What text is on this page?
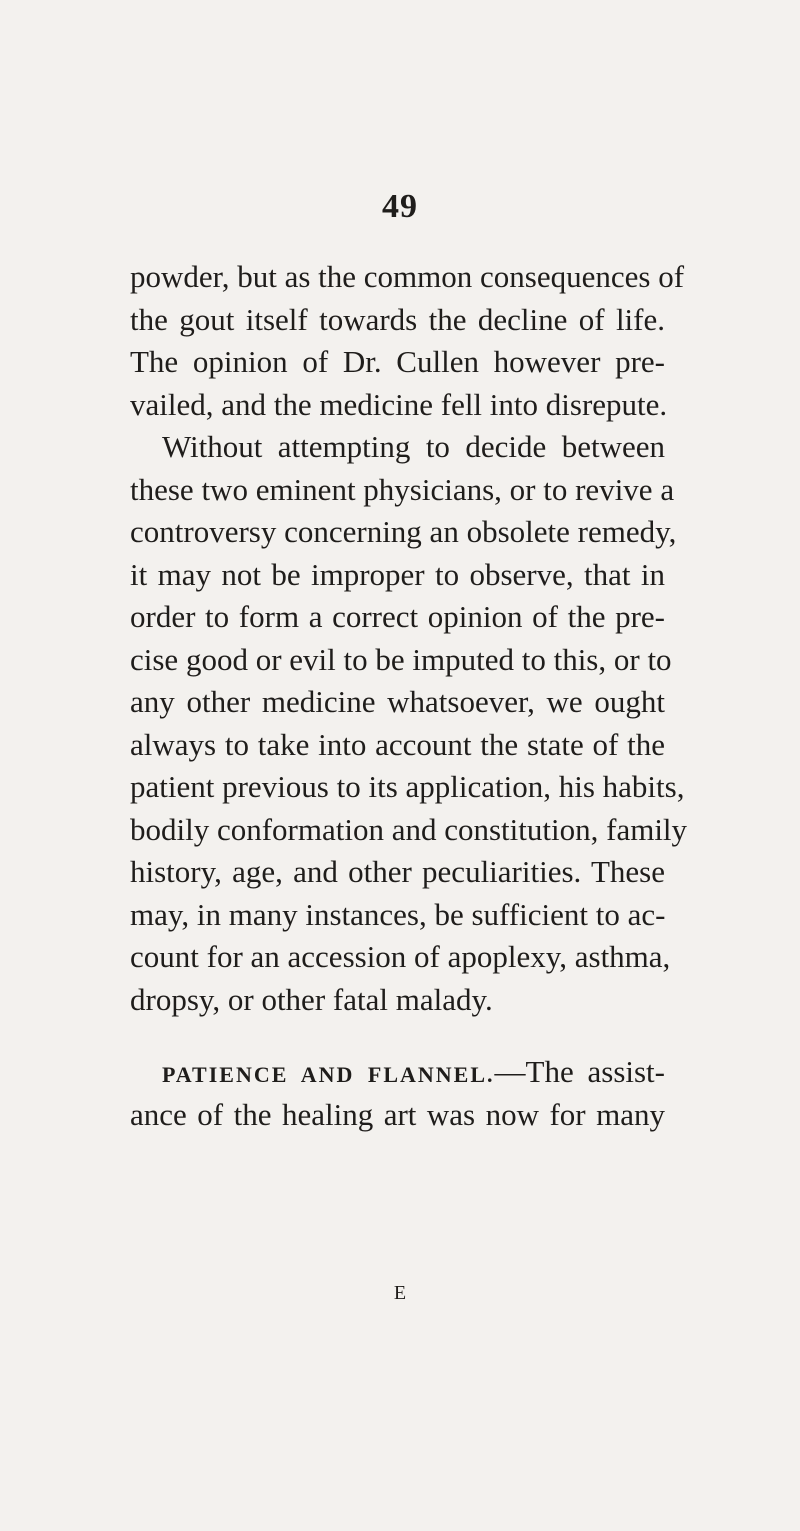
49
powder, but as the common consequences of
the gout itself towards the decline of life.
The opinion of Dr. Cullen however pre-
vailed, and the medicine fell into disrepute.
Without attempting to decide between
these two eminent physicians, or to revive a
controversy concerning an obsolete remedy,
it may not be improper to observe, that in
order to form a correct opinion of the pre-
cise good or evil to be imputed to this, or to
any other medicine whatsoever, we ought
always to take into account the state of the
patient previous to its application, his habits,
bodily conformation and constitution, family
history, age, and other peculiarities. These
may, in many instances, be sufficient to ac-
count for an accession of apoplexy, asthma,
dropsy, or other fatal malady.
PATIENCE AND FLANNEL.—The assist-
ance of the healing art was now for many
E
